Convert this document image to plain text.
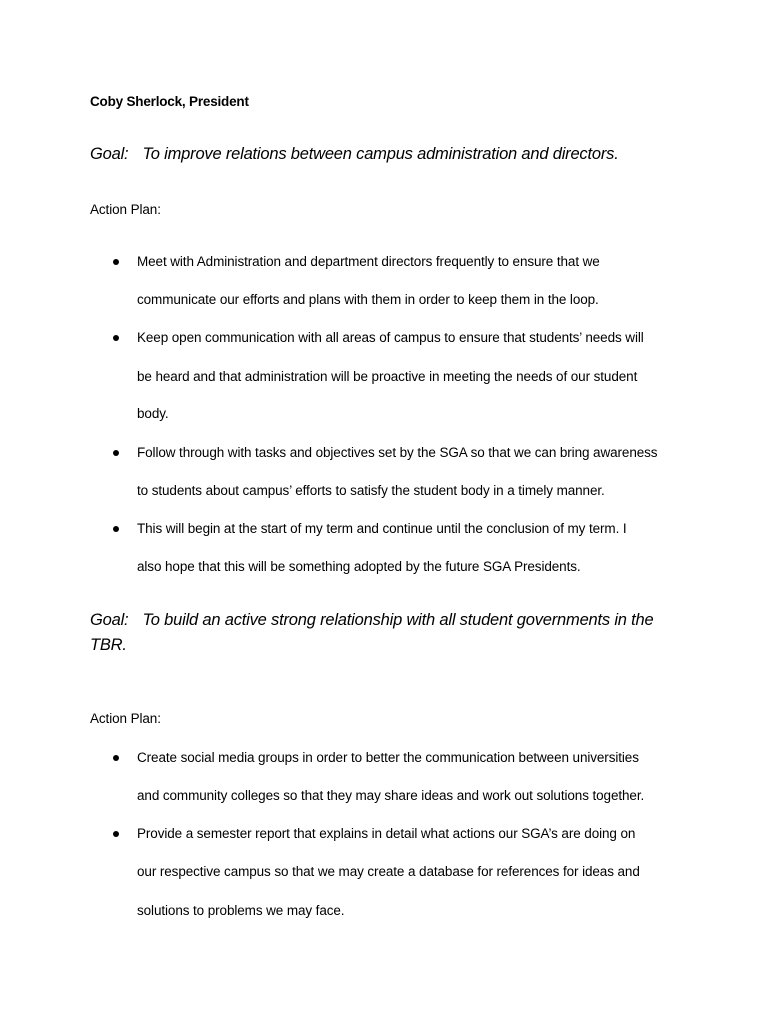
Coby Sherlock, President
Goal: To improve relations between campus administration and directors.
Action Plan:
Meet with Administration and department directors frequently to ensure that we
communicate our efforts and plans with them in order to keep them in the loop.
Keep open communication with all areas of campus to ensure that students’ needs will
be heard and that administration will be proactive in meeting the needs of our student
body.
Follow through with tasks and objectives set by the SGA so that we can bring awareness
to students about campus’ efforts to satisfy the student body in a timely manner.
This will begin at the start of my term and continue until the conclusion of my term. I
also hope that this will be something adopted by the future SGA Presidents.
Goal: To build an active strong relationship with all student governments in the TBR.
Action Plan:
Create social media groups in order to better the communication between universities
and community colleges so that they may share ideas and work out solutions together.
Provide a semester report that explains in detail what actions our SGA’s are doing on
our respective campus so that we may create a database for references for ideas and
solutions to problems we may face.
